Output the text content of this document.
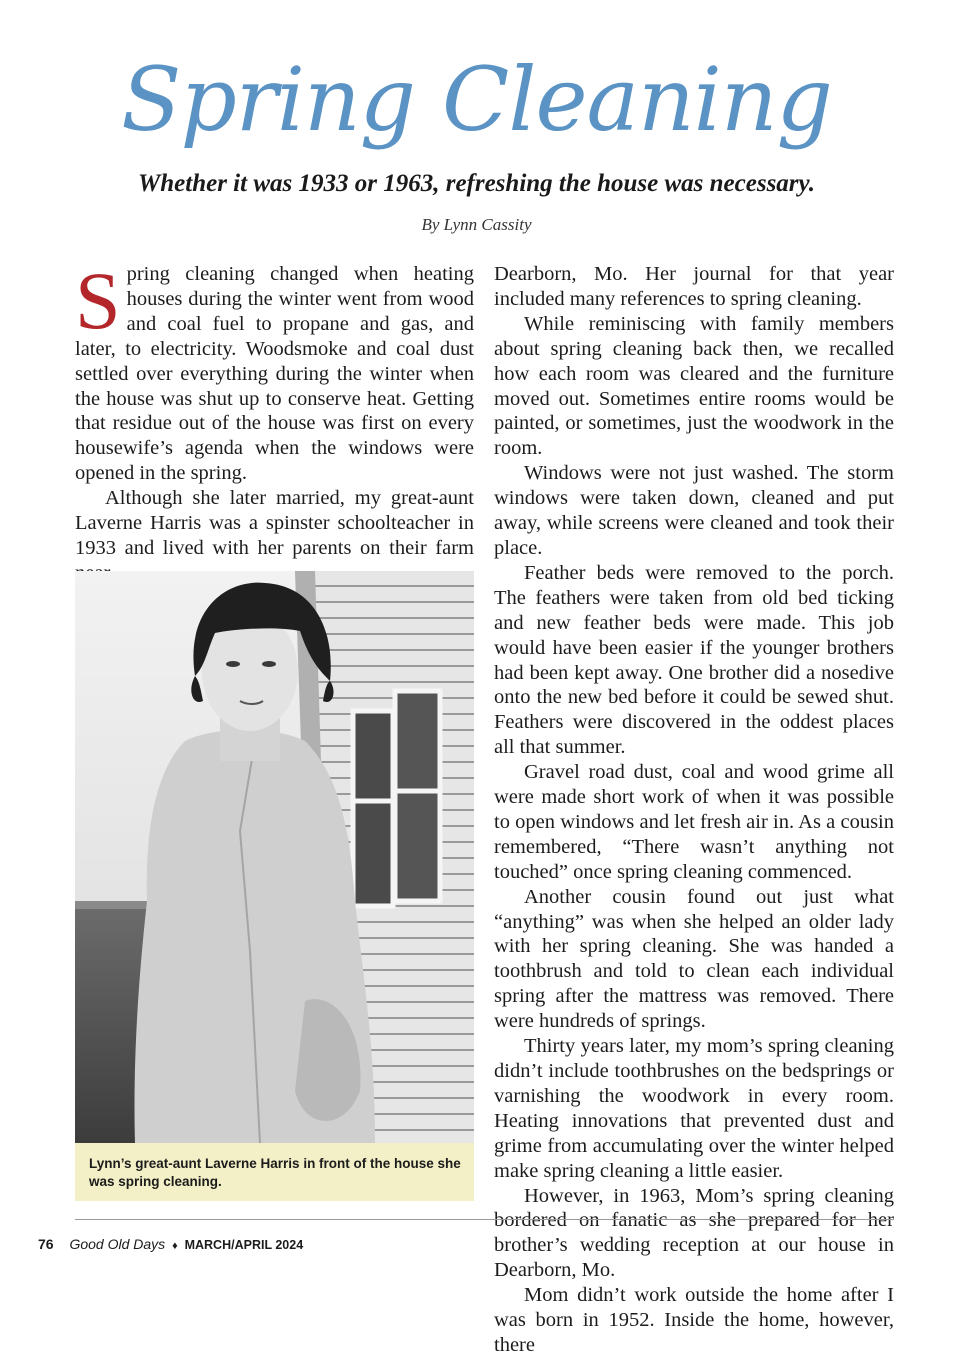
Spring Cleaning
Whether it was 1933 or 1963, refreshing the house was necessary.
By Lynn Cassity

Spring cleaning changed when heating houses during the winter went from wood and coal fuel to propane and gas, and later, to electricity. Woodsmoke and coal dust settled over everything during the winter when the house was shut up to conserve heat. Getting that residue out of the house was first on every housewife’s agenda when the windows were opened in the spring.

Although she later married, my great-aunt Laverne Harris was a spinster schoolteacher in 1933 and lived with her parents on their farm

Lynn’s great-aunt Laverne Harris in front of the house she was spring cleaning.

Dearborn, Mo. Her journal for that year included many references to spring cleaning.

While reminiscing with family members about spring cleaning back then, we recalled how each room was cleared and the furniture moved out. Sometimes entire rooms would be painted, or sometimes, just the woodwork in the room.

Windows were not just washed. The storm windows were taken down, cleaned and put away, while screens were cleaned and took their place.

Feather beds were removed to the porch. The feathers were taken from old bed ticking and new feather beds were made. This job would have been easier if the younger brothers had been kept away. One brother did a nosedive onto the new bed before it could be sewed shut. Feathers were discovered in the oddest places all that summer.

Gravel road dust, coal and wood grime all were made short work of when it was possible to open windows and let fresh air in. As a cousin remembered, “There wasn’t anything not touched” once spring cleaning commenced.

Another cousin found out just what “anything” was when she helped an older lady with her spring cleaning. She was handed a toothbrush and told to clean each individual spring after the mattress was removed. There were hundreds of springs.

Thirty years later, my mom’s spring cleaning didn’t include toothbrushes on the bedsprings or varnishing the woodwork in every room. Heating innovations that prevented dust and grime from accumulating over the winter helped make spring cleaning a little easier.

However, in 1963, Mom’s spring cleaning bordered on fanatic as she prepared for her brother’s wedding reception at our house in Dearborn, Mo.

Mom didn’t work outside the home after I was born in 1952. Inside the home, however, there

76 Good Old Days ♦ MARCH/APRIL 2024
